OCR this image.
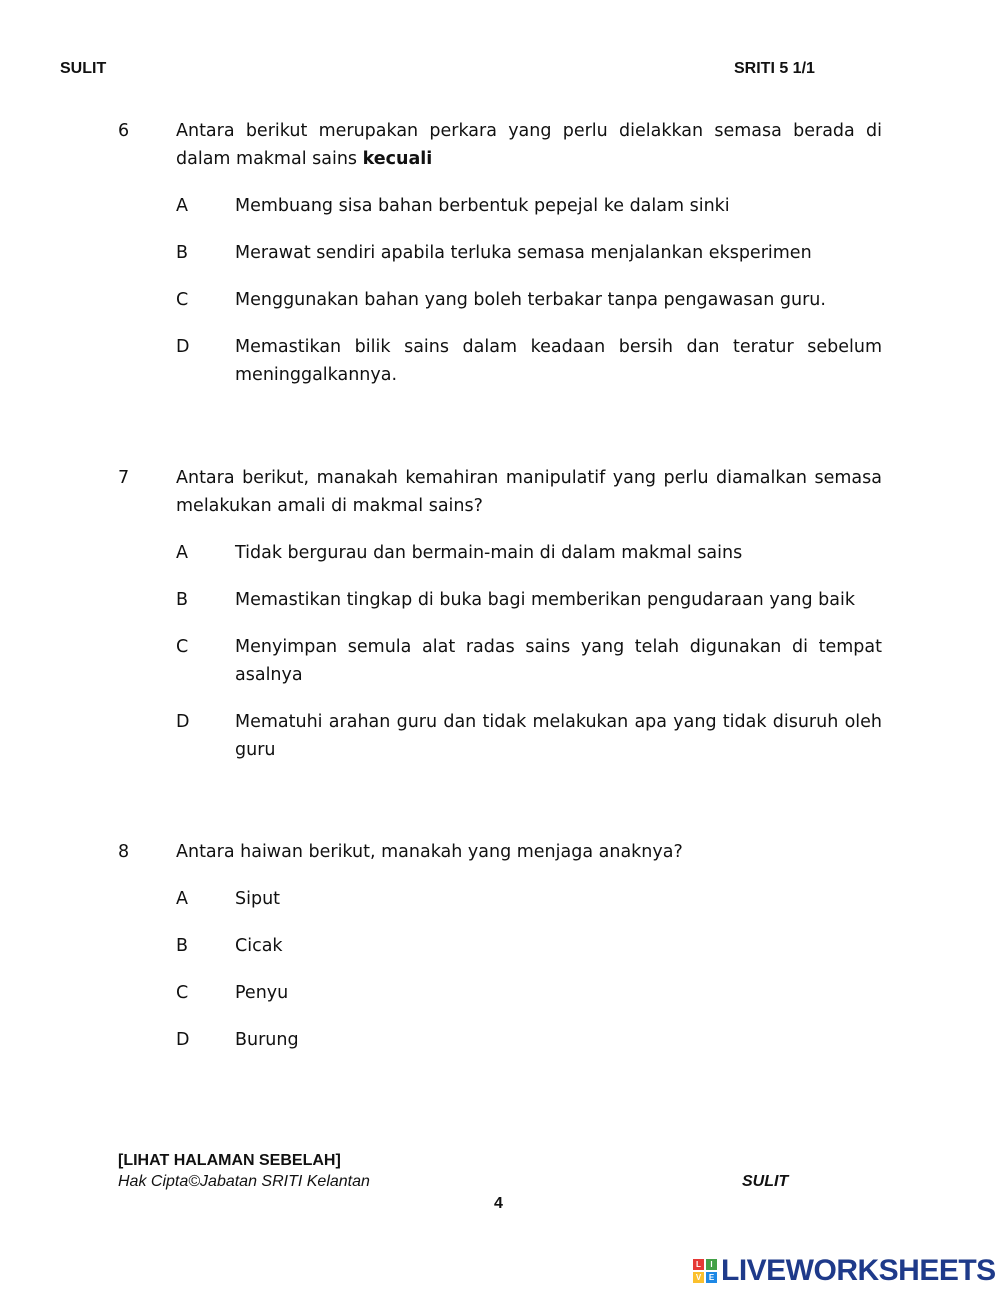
SULIT	SRITI 5 1/1
6	Antara berikut merupakan perkara yang perlu dielakkan semasa berada di dalam makmal sains kecuali
A	Membuang sisa bahan berbentuk pepejal ke dalam sinki
B	Merawat sendiri apabila terluka semasa menjalankan eksperimen
C	Menggunakan bahan yang boleh terbakar tanpa pengawasan guru.
D	Memastikan bilik sains dalam keadaan bersih dan teratur sebelum meninggalkannya.
7	Antara berikut, manakah kemahiran manipulatif yang perlu diamalkan semasa melakukan amali di makmal sains?
A	Tidak bergurau dan bermain-main di dalam makmal sains
B	Memastikan tingkap di buka bagi memberikan pengudaraan yang baik
C	Menyimpan semula alat radas sains yang telah digunakan di tempat asalnya
D	Mematuhi arahan guru dan tidak melakukan apa yang tidak disuruh oleh guru
8	Antara haiwan berikut, manakah yang menjaga anaknya?
A	Siput
B	Cicak
C	Penyu
D	Burung
[LIHAT HALAMAN SEBELAH]
Hak Cipta©Jabatan SRITI Kelantan	SULIT
4
L	I
V E LIVEWORKSHEETS
